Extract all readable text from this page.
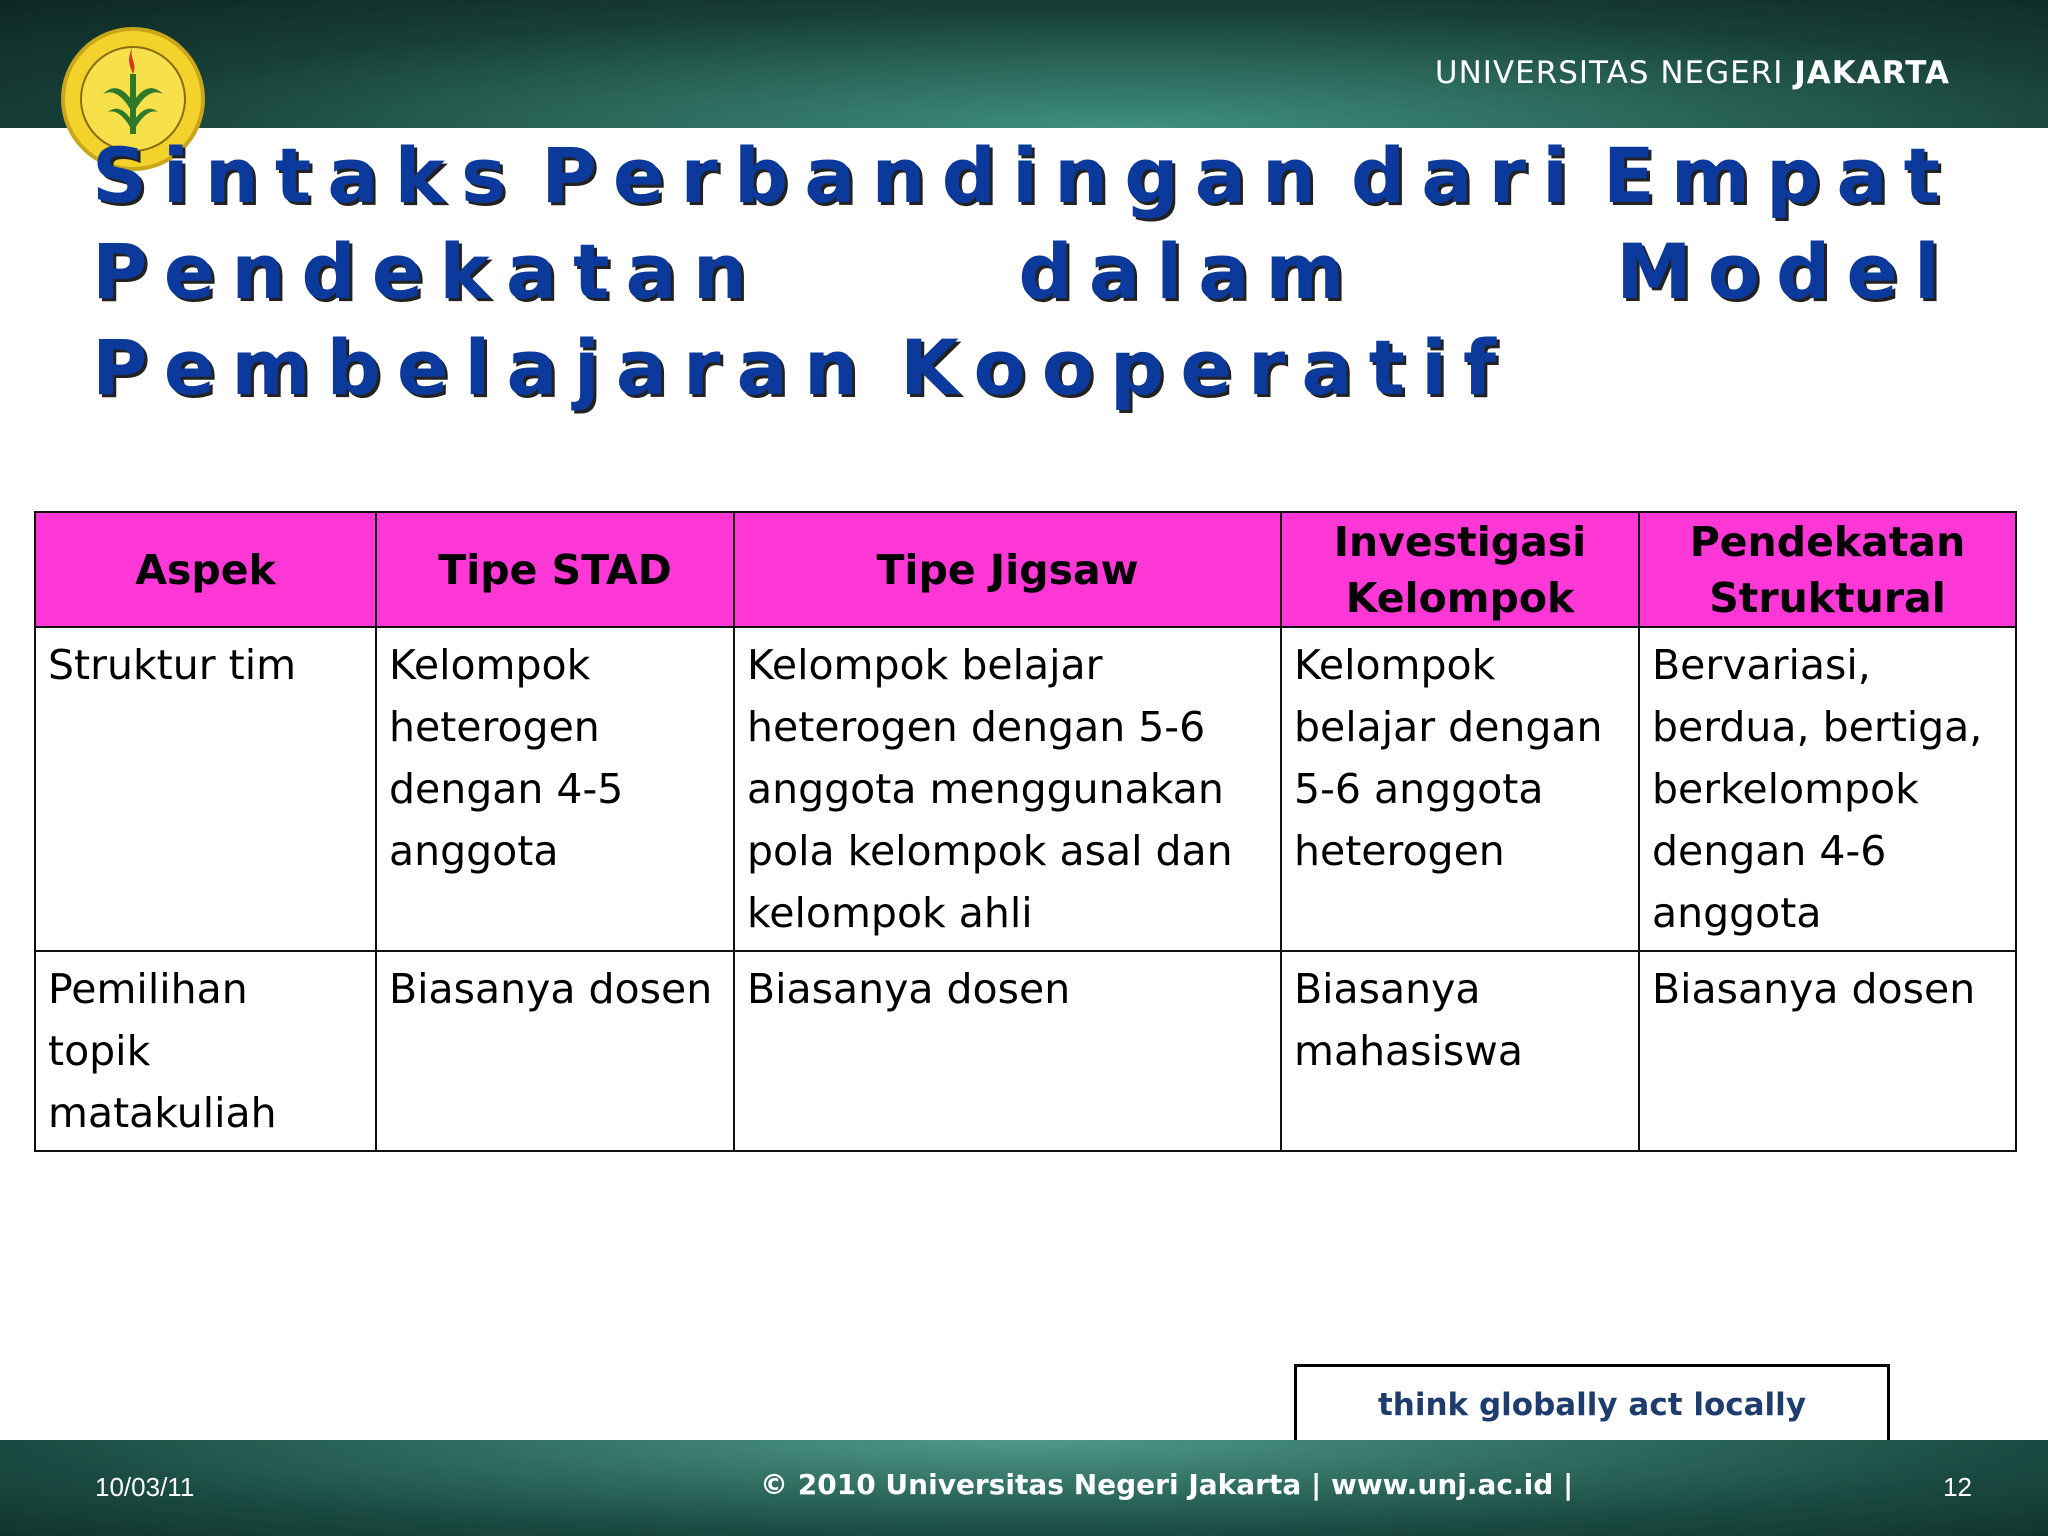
UNIVERSITAS NEGERI JAKARTA
Sintaks Perbandingan dari Empat
Pendekatan	dalam	Model
Pembelajaran Kooperatif
Aspek	Tipe STAD	Tipe Jigsaw	Investigasi Kelompok	Pendekatan Struktural
Struktur tim	Kelompok heterogen dengan 4-5 anggota	Kelompok belajar heterogen dengan 5-6 anggota menggunakan pola kelompok asal dan kelompok ahli	Kelompok belajar dengan 5-6 anggota heterogen	Bervariasi, berdua, bertiga, berkelompok dengan 4-6 anggota
Pemilihan topik matakuliah	Biasanya dosen	Biasanya dosen	Biasanya mahasiswa	Biasanya dosen
think globally act locally
10/03/11	© 2010 Universitas Negeri Jakarta | www.unj.ac.id |	12
